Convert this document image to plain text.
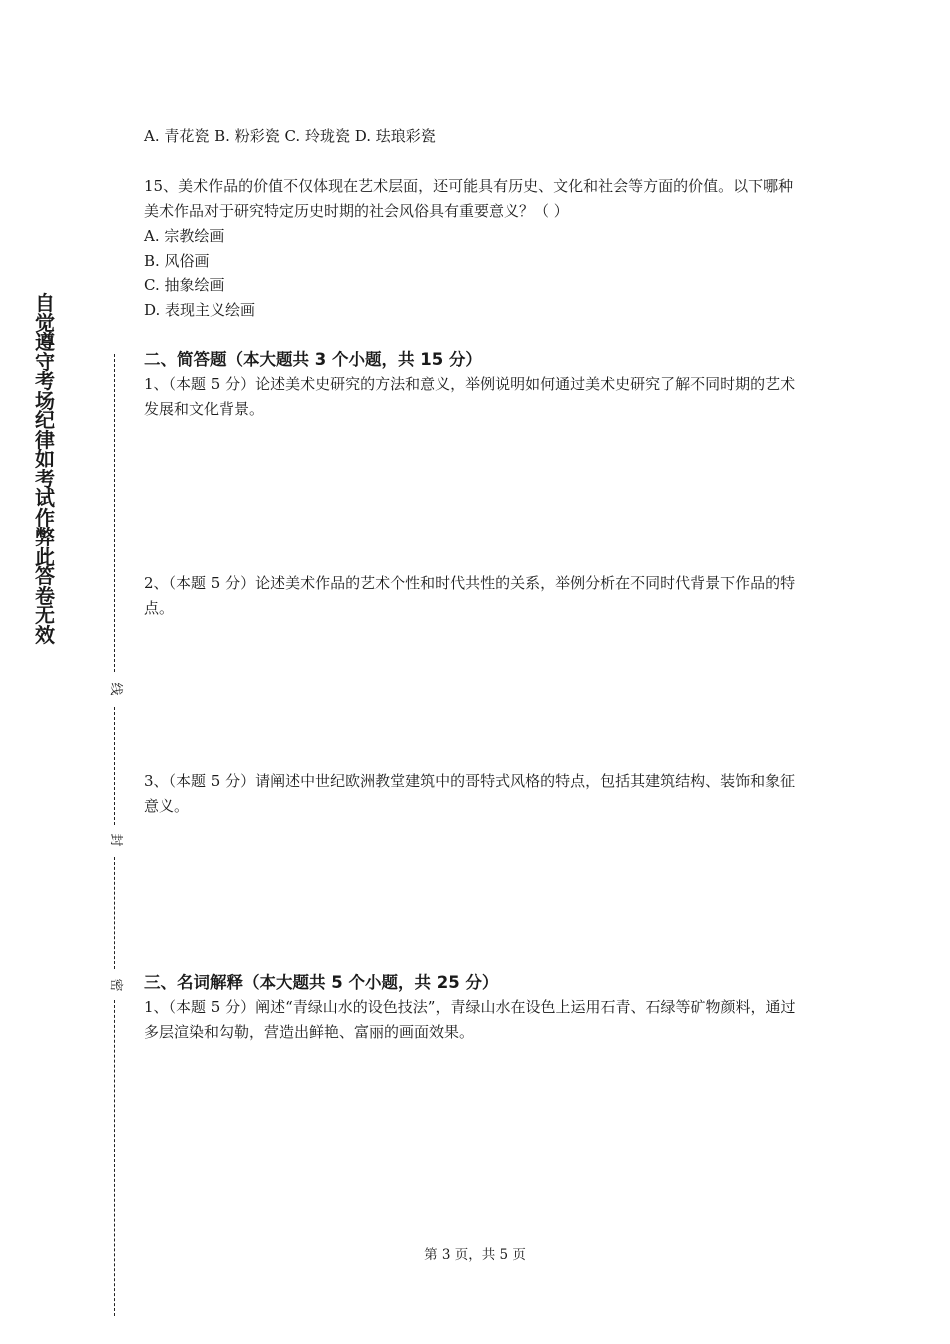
自觉遵守考场纪律如考试作弊此答卷无效
线
封
密
A. 青花瓷 B. 粉彩瓷 C. 玲珑瓷 D. 珐琅彩瓷
15、美术作品的价值不仅体现在艺术层面，还可能具有历史、文化和社会等方面的价值。以下哪种美术作品对于研究特定历史时期的社会风俗具有重要意义？（ ）
A. 宗教绘画
B. 风俗画
C. 抽象绘画
D. 表现主义绘画
二、简答题（本大题共 3 个小题，共 15 分）
1、（本题 5 分）论述美术史研究的方法和意义，举例说明如何通过美术史研究了解不同时期的艺术发展和文化背景。
2、（本题 5 分）论述美术作品的艺术个性和时代共性的关系，举例分析在不同时代背景下作品的特点。
3、（本题 5 分）请阐述中世纪欧洲教堂建筑中的哥特式风格的特点，包括其建筑结构、装饰和象征意义。
三、名词解释（本大题共 5 个小题，共 25 分）
1、（本题 5 分）阐述“青绿山水的设色技法”，青绿山水在设色上运用石青、石绿等矿物颜料，通过多层渲染和勾勒，营造出鲜艳、富丽的画面效果。
第 3 页，共 5 页
